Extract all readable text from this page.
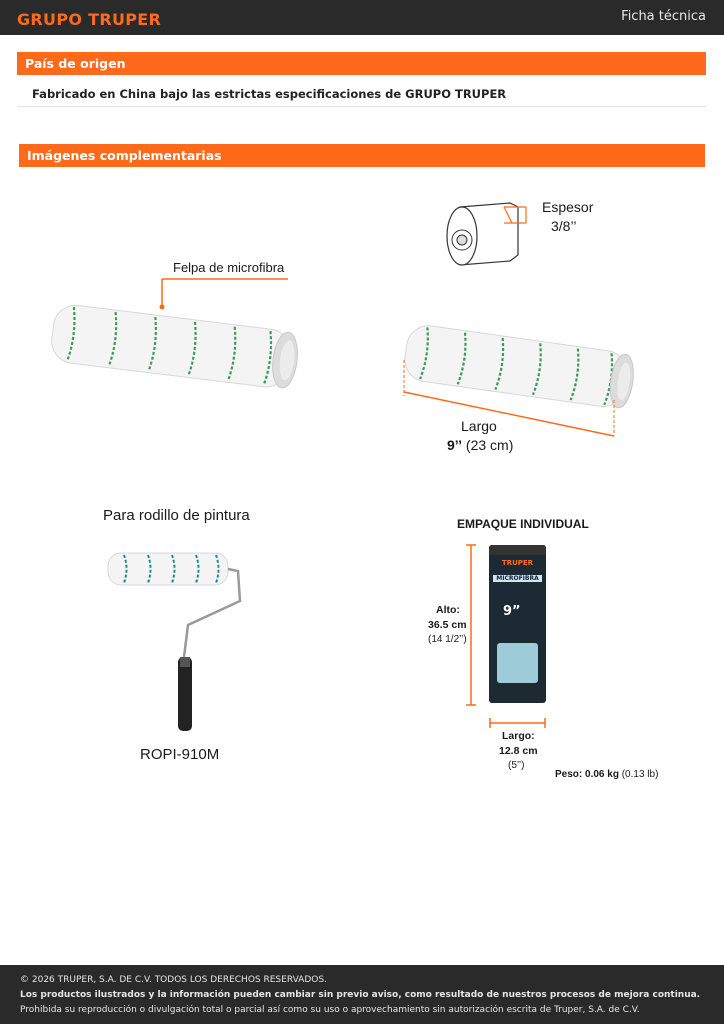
GRUPO TRUPER	Ficha técnica
País de origen
Fabricado en China bajo las estrictas especificaciones de GRUPO TRUPER
Imágenes complementarias
Felpa de microfibra
Espesor
3/8’’
Largo
9’’ (23 cm)
Para rodillo de pintura
ROPI-910M
EMPAQUE INDIVIDUAL
TRUPER
MICROFIBRA
9”
Alto:
36.5 cm
(14 1/2’’)
Largo:
12.8 cm
(5’’)
Peso: 0.06 kg (0.13 lb)
© 2026 TRUPER, S.A. DE C.V. TODOS LOS DERECHOS RESERVADOS.
Los productos ilustrados y la información pueden cambiar sin previo aviso, como resultado de nuestros procesos de mejora continua.
Prohibida su reproducción o divulgación total o parcial así como su uso o aprovechamiento sin autorización escrita de Truper, S.A. de C.V.
